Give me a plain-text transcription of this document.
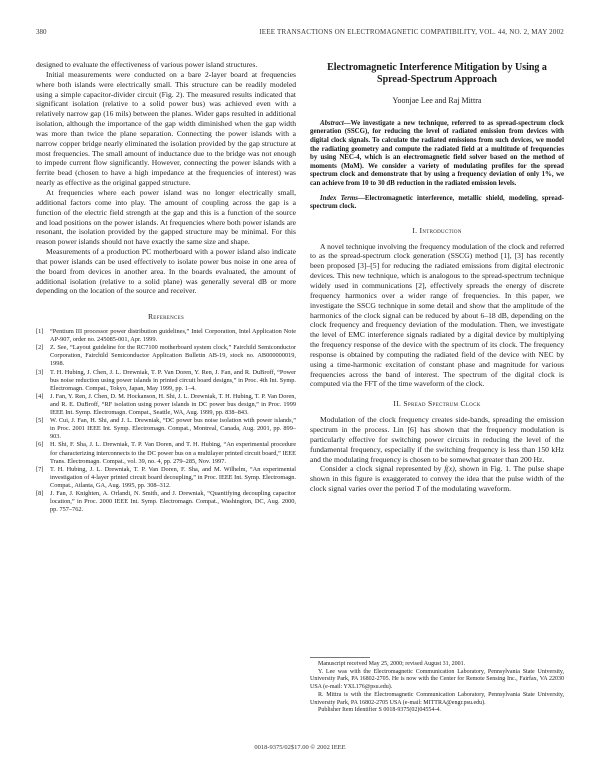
380	IEEE TRANSACTIONS ON ELECTROMAGNETIC COMPATIBILITY, VOL. 44, NO. 2, MAY 2002

designed to evaluate the effectiveness of various power island structures.

Initial measurements were conducted on a bare 2-layer board at frequencies where both islands were electrically small. This structure can be readily modeled using a simple capacitor-divider circuit (Fig. 2). The measured results indicated that significant isolation (relative to a solid power bus) was achieved even with a relatively narrow gap (16 mils) between the planes. Wider gaps resulted in additional isolation, although the importance of the gap width diminished when the gap width was more than twice the plane separation. Connecting the power islands with a narrow copper bridge nearly eliminated the isolation provided by the gap structure at most frequencies. The small amount of inductance due to the bridge was not enough to impede current flow significantly. However, connecting the power islands with a ferrite bead (chosen to have a high impedance at the frequencies of interest) was nearly as effective as the original gapped structure.

At frequencies where each power island was no longer electrically small, additional factors come into play. The amount of coupling across the gap is a function of the electric field strength at the gap and this is a function of the source and load positions on the power islands. At frequencies where both power islands are resonant, the isolation provided by the gapped structure may be minimal. For this reason power islands should not have exactly the same size and shape.

Measurements of a production PC motherboard with a power island also indicate that power islands can be used effectively to isolate power bus noise in one area of the board from devices in another area. In the boards evaluated, the amount of additional isolation (relative to a solid plane) was generally several dB or more depending on the location of the source and receiver.

References
[1]	“Pentium III processor power distribution guidelines,” Intel Corporation, Intel Application Note AP-907, order no. 245085-001, Apr. 1999.
[2]	Z. See, “Layout guideline for the RC7100 motherboard system clock,” Fairchild Semiconductor Corporation, Fairchild Semiconductor Application Bulletin AB-19, stock no. AB000000019, 1998.
[3]	T. H. Hubing, J. Chen, J. L. Drewniak, T. P. Van Doren, Y. Ren, J. Fan, and R. DuBroff, “Power bus noise reduction using power islands in printed circuit board designs,” in Proc. 4th Int. Symp. Electromagn. Compat., Tokyo, Japan, May 1999, pp. 1–4.
[4]	J. Fan, Y. Ren, J. Chen, D. M. Hockanson, H. Shi, J. L. Drewniak, T. H. Hubing, T. P. Van Doren, and R. E. DuBroff, “RF isolation using power islands in DC power bus design,” in Proc. 1999 IEEE Int. Symp. Electromagn. Compat., Seattle, WA, Aug. 1999, pp. 838–843.
[5]	W. Cui, J. Fan, H. Shi, and J. L. Drewniak, “DC power bus noise isolation with power islands,” in Proc. 2001 IEEE Int. Symp. Electromagn. Compat., Montreal, Canada, Aug. 2001, pp. 899–903.
[6]	H. Shi, F. Sha, J. L. Drewniak, T. P. Van Doren, and T. H. Hubing, “An experimental procedure for characterizing interconnects to the DC power bus on a multilayer printed circuit board,” IEEE Trans. Electromagn. Compat., vol. 39, no. 4, pp. 279–285, Nov. 1997.
[7]	T. H. Hubing, J. L. Drewniak, T. P. Van Doren, F. Sha, and M. Wilhelm, “An experimental investigation of 4-layer printed circuit board decoupling,” in Proc. IEEE Int. Symp. Electromagn. Compat., Atlanta, GA, Aug. 1995, pp. 308–312.
[8]	J. Fan, J. Knighten, A. Orlandi, N. Smith, and J. Drewniak, “Quantifying decoupling capacitor location,” in Proc. 2000 IEEE Int. Symp. Electromagn. Compat., Washington, DC, Aug. 2000, pp. 757–762.
Electromagnetic Interference Mitigation by Using a Spread-Spectrum Approach
Yoonjae Lee and Raj Mittra

Abstract—We investigate a new technique, referred to as spread-spectrum clock generation (SSCG), for reducing the level of radiated emission from devices with digital clock signals. To calculate the radiated emissions from such devices, we model the radiating geometry and compute the radiated field at a multitude of frequencies by using NEC-4, which is an electromagnetic field solver based on the method of moments (MoM). We consider a variety of modulating profiles for the spread spectrum clock and demonstrate that by using a frequency deviation of only 1%, we can achieve from 10 to 30 dB reduction in the radiated emission levels.

Index Terms—Electromagnetic interference, metallic shield, modeling, spread-spectrum clock.

I. Introduction

A novel technique involving the frequency modulation of the clock and referred to as the spread-spectrum clock generation (SSCG) method [1], [3] has recently been proposed [3]–[5] for reducing the radiated emissions from digital electronic devices. This new technique, which is analogous to the spread-spectrum technique widely used in communications [2], effectively spreads the energy of discrete frequency harmonics over a wider range of frequencies. In this paper, we investigate the SSCG technique in some detail and show that the amplitude of the harmonics of the clock signal can be reduced by about 6–18 dB, depending on the clock frequency and frequency deviation of the modulation. Then, we investigate the level of EMC interference signals radiated by a digital device by multiplying the frequency response of the device with the spectrum of its clock. The frequency response is obtained by computing the radiated field of the device with NEC by using a time-harmonic excitation of constant phase and magnitude for various frequencies across the band of interest. The spectrum of the digital clock is computed via the FFT of the time waveform of the clock.

II. Spread Spectrum Clock

Modulation of the clock frequency creates side-bands, spreading the emission spectrum in the process. Lin [6] has shown that the frequency modulation is particularly effective for switching power circuits in reducing the level of the fundamental frequency, especially if the switching frequency is less than 150 kHz and the modulating frequency is chosen to be somewhat greater than 200 Hz.

Consider a clock signal represented by f(x), shown in Fig. 1. The pulse shape shown in this figure is exaggerated to convey the idea that the pulse width of the clock signal varies over the period T of the modulating waveform.

Manuscript received May 25, 2000; revised August 31, 2001.

Y. Lee was with the Electromagnetic Communication Laboratory, Pennsylvania State University, University Park, PA 16802-2705. He is now with the Center for Remote Sensing Inc., Fairfax, VA 22030 USA (e-mail: YXL176@psu.edu).

R. Mittra is with the Electromagnetic Communication Laboratory, Pennsylvania State University, University Park, PA 16802-2705 USA (e-mail: MITTRA@engr.psu.edu).

Publisher Item Identifier S 0018-9375(02)04554-4.

0018-9375/02$17.00 © 2002 IEEE
